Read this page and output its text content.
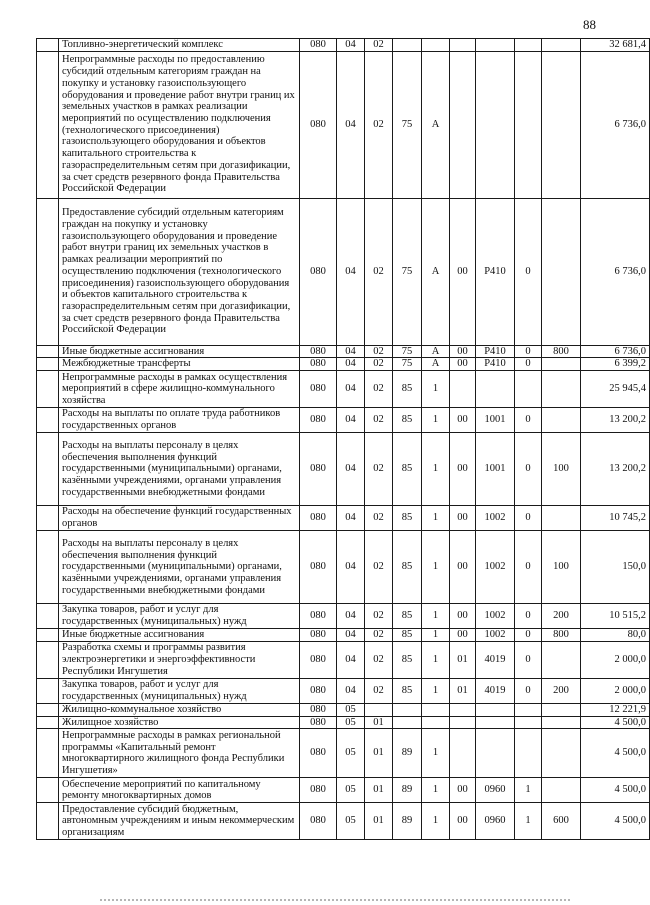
88
	Топливно-энергетический комплекс	080	04	02							32 681,4
	Непрограммные расходы по предоставлению субсидий отдельным категориям граждан на покупку и установку газоиспользующего оборудования и проведение работ внутри границ их земельных участков в рамках реализации мероприятий по осуществлению подключения (технологического присоединения) газоиспользующего оборудования и объектов капитального строительства к газораспределительным сетям при догазификации, за счет средств резервного фонда Правительства Российской Федерации	080	04	02	75	А					6 736,0
	Предоставление субсидий отдельным категориям граждан на покупку и установку газоиспользующего оборудования и проведение работ внутри границ их земельных участков в рамках реализации мероприятий по осуществлению подключения (технологического присоединения) газоиспользующего оборудования и объектов капитального строительства к газораспределительным сетям при догазификации, за счет средств резервного фонда Правительства Российской Федерации	080	04	02	75	А	00	Р410	0		6 736,0
	Иные бюджетные ассигнования	080	04	02	75	А	00	Р410	0	800	6 736,0
	Межбюджетные трансферты	080	04	02	75	А	00	Р410	0		6 399,2
	Непрограммные расходы в рамках осуществления мероприятий в сфере жилищно-коммунального хозяйства	080	04	02	85	1					25 945,4
	Расходы на выплаты по оплате труда работников государственных органов	080	04	02	85	1	00	1001	0		13 200,2
	Расходы на выплаты персоналу в целях обеспечения выполнения функций государственными (муниципальными) органами, казёнными учреждениями, органами управления государственными внебюджетными фондами	080	04	02	85	1	00	1001	0	100	13 200,2
	Расходы на обеспечение функций государственных органов	080	04	02	85	1	00	1002	0		10 745,2
	Расходы на выплаты персоналу в целях обеспечения выполнения функций государственными (муниципальными) органами, казёнными учреждениями, органами управления государственными внебюджетными фондами	080	04	02	85	1	00	1002	0	100	150,0
	Закупка товаров, работ и услуг для государственных (муниципальных) нужд	080	04	02	85	1	00	1002	0	200	10 515,2
	Иные бюджетные ассигнования	080	04	02	85	1	00	1002	0	800	80,0
	Разработка схемы и программы развития электроэнергетики и энергоэффективности Республики Ингушетия	080	04	02	85	1	01	4019	0		2 000,0
	Закупка товаров, работ и услуг для государственных (муниципальных) нужд	080	04	02	85	1	01	4019	0	200	2 000,0
	Жилищно-коммунальное хозяйство	080	05								12 221,9
	Жилищное хозяйство	080	05	01							4 500,0
	Непрограммные расходы в рамках региональной программы «Капитальный ремонт многоквартирного жилищного фонда Республики Ингушетия»	080	05	01	89	1					4 500,0
	Обеспечение мероприятий по капитальному ремонту многоквартирных домов	080	05	01	89	1	00	0960	1		4 500,0
	Предоставление субсидий бюджетным, автономным учреждениям и иным некоммерческим организациям	080	05	01	89	1	00	0960	1	600	4 500,0
